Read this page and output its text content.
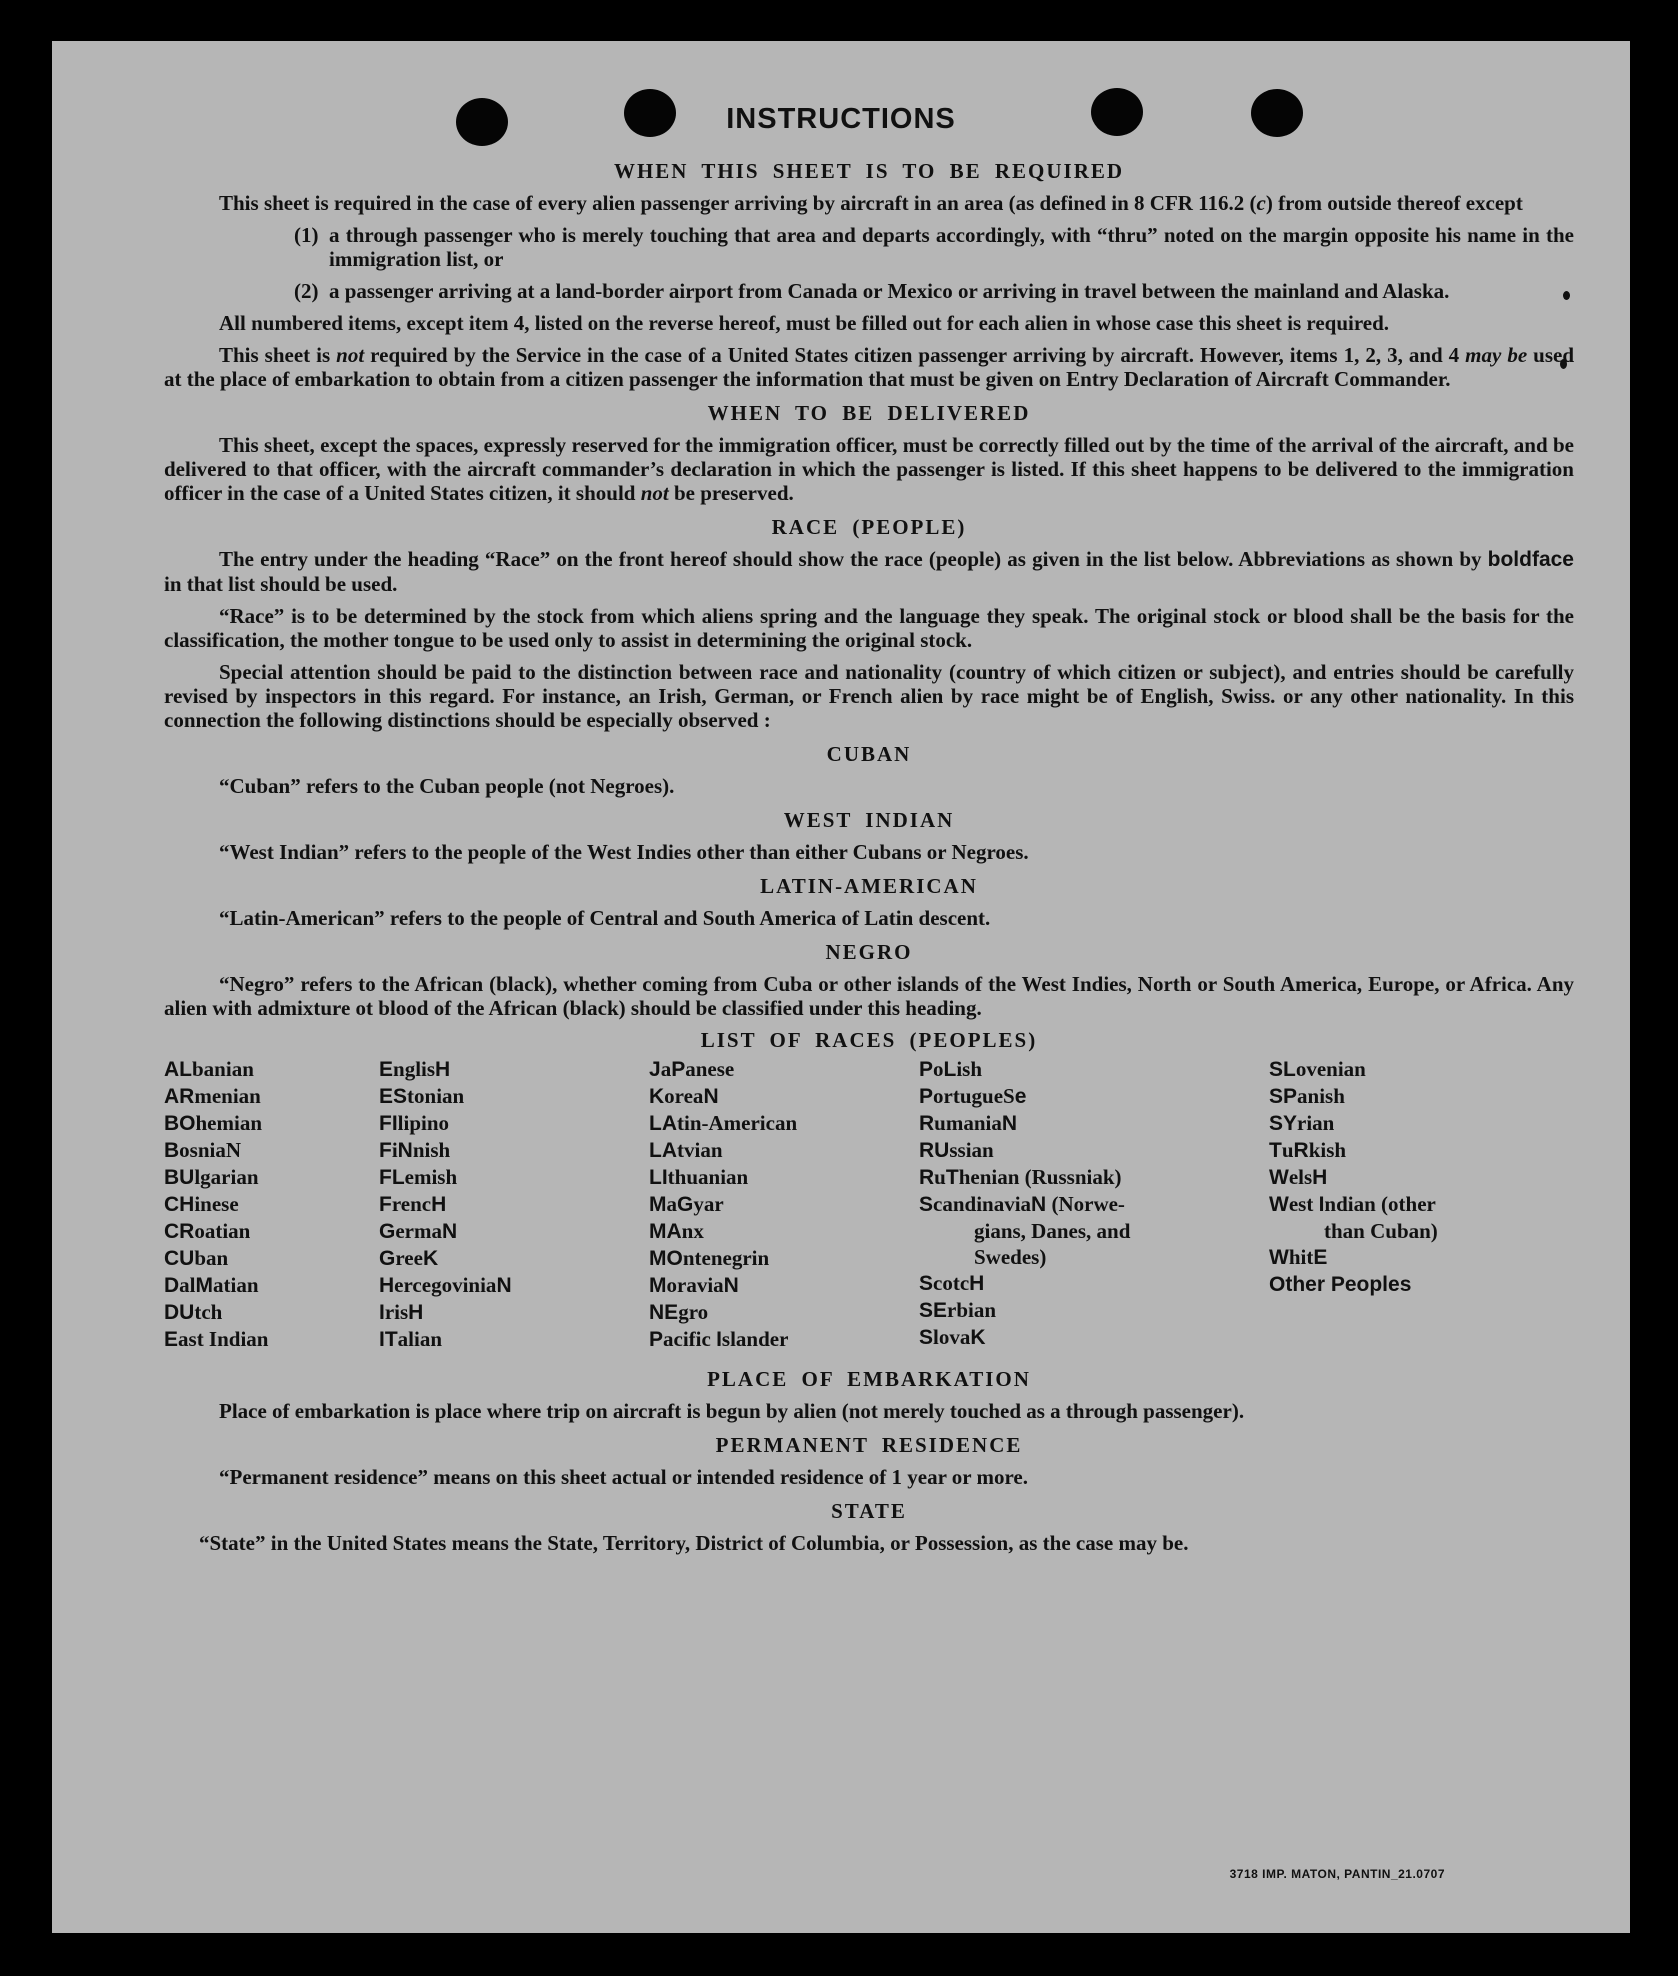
INSTRUCTIONS
WHEN THIS SHEET IS TO BE REQUIRED
This sheet is required in the case of every alien passenger arriving by aircraft in an area (as defined in 8 CFR 116.2 (c) from outside thereof except
(1) a through passenger who is merely touching that area and departs accordingly, with “thru” noted on the margin opposite his name in the immigration list, or
(2) a passenger arriving at a land-border airport from Canada or Mexico or arriving in travel between the mainland and Alaska.
All numbered items, except item 4, listed on the reverse hereof, must be filled out for each alien in whose case this sheet is required.
This sheet is not required by the Service in the case of a United States citizen passenger arriving by aircraft. However, items 1, 2, 3, and 4 may be used at the place of embarkation to obtain from a citizen passenger the information that must be given on Entry Declaration of Aircraft Commander.
WHEN TO BE DELIVERED
This sheet, except the spaces, expressly reserved for the immigration officer, must be correctly filled out by the time of the arrival of the aircraft, and be delivered to that officer, with the aircraft commander’s declaration in which the passenger is listed. If this sheet happens to be delivered to the immigration officer in the case of a United States citizen, it should not be preserved.
RACE (PEOPLE)
The entry under the heading “Race” on the front hereof should show the race (people) as given in the list below. Abbreviations as shown by boldface in that list should be used.
“Race” is to be determined by the stock from which aliens spring and the language they speak. The original stock or blood shall be the basis for the classification, the mother tongue to be used only to assist in determining the original stock.
Special attention should be paid to the distinction between race and nationality (country of which citizen or subject), and entries should be carefully revised by inspectors in this regard. For instance, an Irish, German, or French alien by race might be of English, Swiss. or any other nationality. In this connection the following distinctions should be especially observed :
CUBAN
“Cuban” refers to the Cuban people (not Negroes).
WEST INDIAN
“West Indian” refers to the people of the West Indies other than either Cubans or Negroes.
LATIN-AMERICAN
“Latin-American” refers to the people of Central and South America of Latin descent.
NEGRO
“Negro” refers to the African (black), whether coming from Cuba or other islands of the West Indies, North or South America, Europe, or Africa. Any alien with admixture ot blood of the African (black) should be classified under this heading.
LIST OF RACES (PEOPLES)
ALbanian
ARmenian
BOhemian
BosniaN
BUlgarian
CHinese
CRoatian
CUban
DalMatian
DUtch
East Indian
EnglisH
EStonian
FIlipino
FiNnish
FLemish
FrencH
GermaN
GreeK
HercegoviniaN
IrisH
ITalian
JaPanese
KoreaN
LAtin-American
LAtvian
LIthuanian
MaGyar
MAnx
MOntenegrin
MoraviaN
NEgro
Pacific Islander
PoLish
PortugueSe
RumaniaN
RUssian
RuThenian (Russniak)
ScandinaviaN (Norwe-
gians, Danes, and
Swedes)
ScotcH
SErbian
SlovaK
SLovenian
SPanish
SYrian
TuRkish
WelsH
West Indian (other
than Cuban)
WhitE
Other Peoples
PLACE OF EMBARKATION
Place of embarkation is place where trip on aircraft is begun by alien (not merely touched as a through passenger).
PERMANENT RESIDENCE
“Permanent residence” means on this sheet actual or intended residence of 1 year or more.
STATE
“State” in the United States means the State, Territory, District of Columbia, or Possession, as the case may be.
3718 IMP. MATON, PANTIN_21.0707
